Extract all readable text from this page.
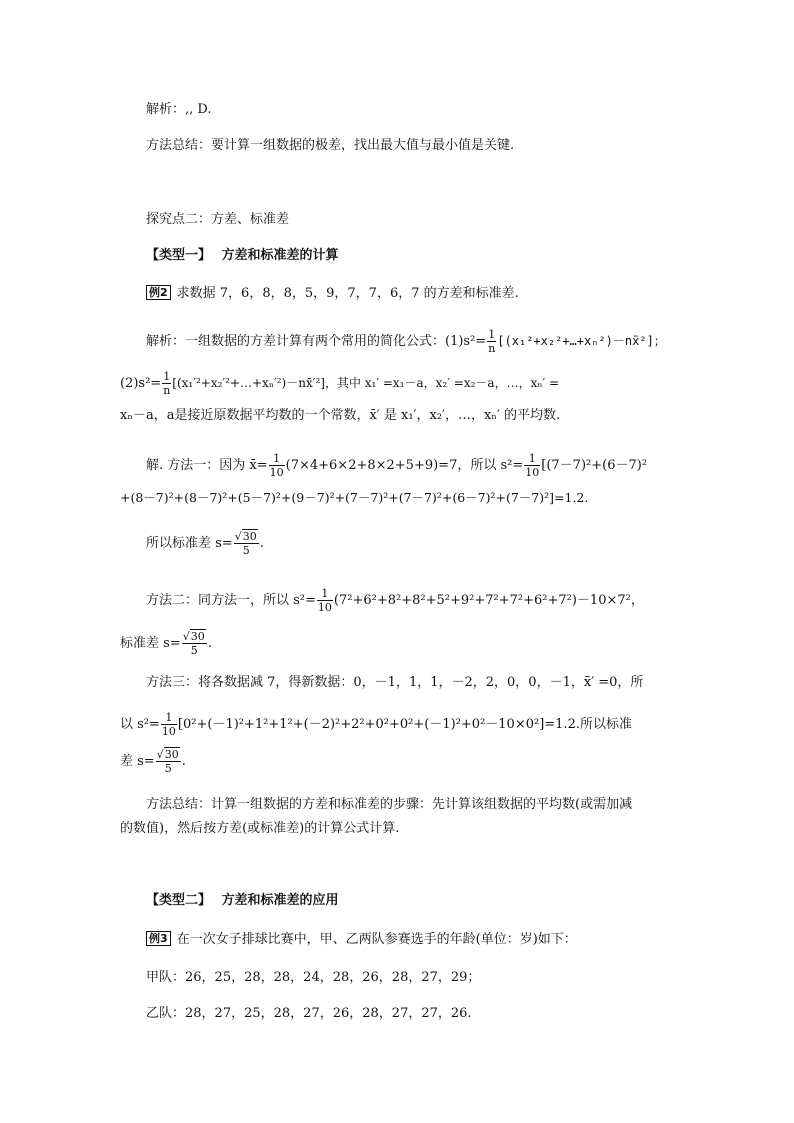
解析：,, D.
方法总结：要计算一组数据的极差，找出最大值与最小值是关键.
探究点二：方差、标准差
【类型一】 方差和标准差的计算
例2 求数据 7，6，8，8，5，9，7，7，6，7 的方差和标准差.
解析：一组数据的方差计算有两个常用的简化公式：$(1)s^2= \frac{1}{n}$ [(x₁²+x₂²+…+xₙ²)－nx̄²]；
$(2)s^2= \frac{1}{n}$ [(x₁′²+x₂′²+…+xₙ′²)－nx̄′²]，其中 x₁′ =x₁－a，x₂′ =x₂－a，…，xₙ′ =
xₙ－a，a是接近原数据平均数的一个常数，x̄′ 是 x₁′，x₂′，…，xₙ′ 的平均数.
解. 方法一：因为 x̄= $\frac{1}{10} (7\times 4+6\times 2+8\times 2+5+9)=7$，所以 $s^2= \frac{1}{10} [(7-7)^2+(6-7)^2$
+(8－7)²+(8－7)²+(5－7)²+(9－7)²+(7－7)²+(7－7)²+(6－7)²+(7－7)²]=1.2.
所以标准差 $s= \frac{√30}{5}$ .
方法二：同方法一，所以 $s^2= \frac{1}{10} (7^2+6^2+8^2+8^2+5^2+9^2+7^2+7^2+6^2+7^2)-10\times 7^2$，
标准差 $s= \frac{√30}{5}$ .
方法三：将各数据减 7，得新数据：0，－1，1，1，－2，2，0，0，－1，x̄′ =0，所
以 $s^2= \frac{1}{10} [0^2+(-1)^2+1^2+1^2+(-2)^2+2^2+0^2+0^2+(-1)^2+0^2-10\times 0^2]=1.2$.所以标准
差 $s= \frac{√30}{5}$ .
方法总结：计算一组数据的方差和标准差的步骤：先计算该组数据的平均数(或需加减
的数值)，然后按方差(或标准差)的计算公式计算.
【类型二】 方差和标准差的应用
例3 在一次女子排球比赛中，甲、乙两队参赛选手的年龄(单位：岁)如下：
甲队：26，25，28，28，24，28，26，28，27，29；
乙队：28，27，25，28，27，26，28，27，27，26.
